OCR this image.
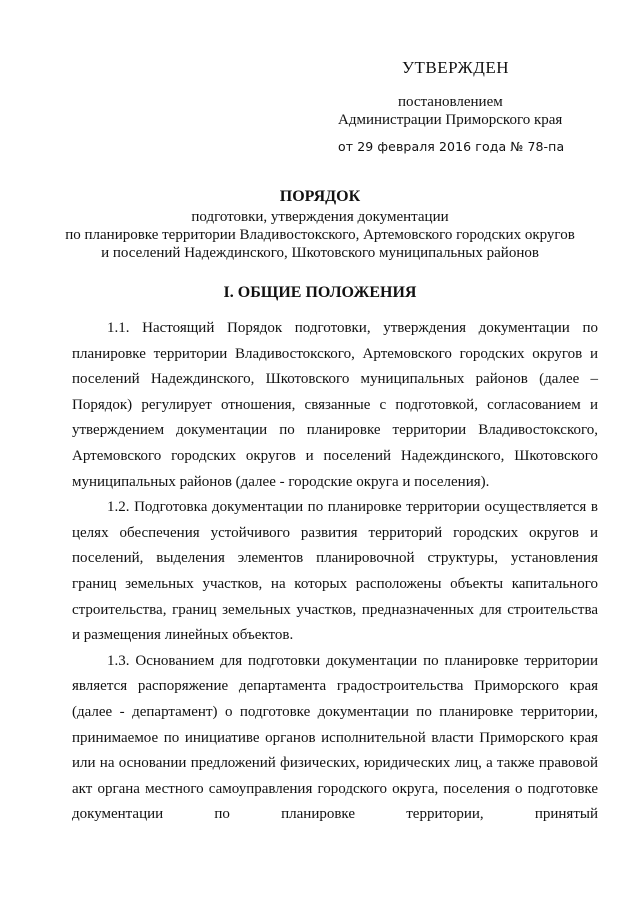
УТВЕРЖДЕН
постановлением
Администрации Приморского края
от 29 февраля 2016 года № 78-па
ПОРЯДОК
подготовки, утверждения документации
по планировке территории Владивостокского, Артемовского городских округов
и поселений Надеждинского, Шкотовского муниципальных районов
I. ОБЩИЕ ПОЛОЖЕНИЯ

1.1. Настоящий Порядок подготовки, утверждения документации по планировке территории Владивостокского, Артемовского городских округов и поселений Надеждинского, Шкотовского муниципальных районов (далее – Порядок) регулирует отношения, связанные с подготовкой, согласованием и утверждением документации по планировке территории Владивостокского, Артемовского городских округов и поселений Надеждинского, Шкотовского муниципальных районов (далее - городские округа и поселения).

1.2. Подготовка документации по планировке территории осуществляется в целях обеспечения устойчивого развития территорий городских округов и поселений, выделения элементов планировочной структуры, установления границ земельных участков, на которых расположены объекты капитального строительства, границ земельных участков, предназначенных для строительства и размещения линейных объектов.

1.3. Основанием для подготовки документации по планировке территории является распоряжение департамента градостроительства Приморского края (далее - департамент) о подготовке документации по планировке территории, принимаемое по инициативе органов исполнительной власти Приморского края или на основании предложений физических, юридических лиц, а также правовой акт органа местного самоуправления городского округа, поселения о подготовке документации по планировке территории, принятый
